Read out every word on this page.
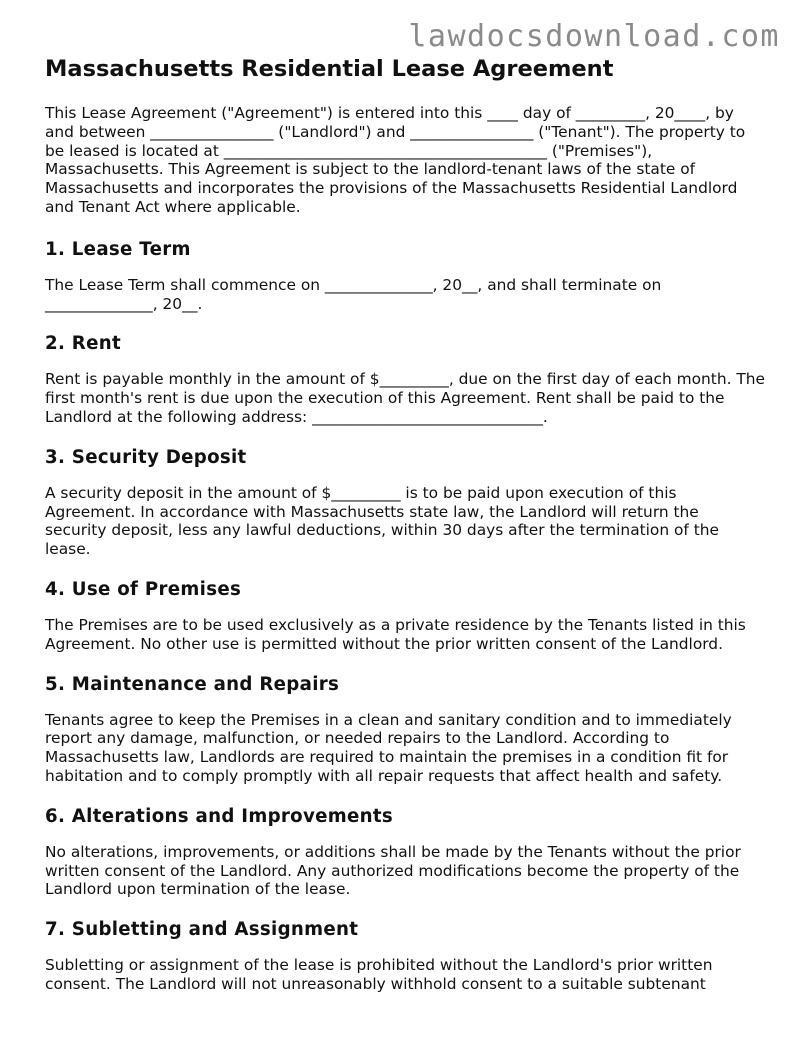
lawdocsdownload.com
Massachusetts Residential Lease Agreement

This Lease Agreement ("Agreement") is entered into this ____ day of _________, 20____, by and between ________________ ("Landlord") and ________________ ("Tenant"). The property to be leased is located at __________________________________________ ("Premises"), Massachusetts. This Agreement is subject to the landlord-tenant laws of the state of Massachusetts and incorporates the provisions of the Massachusetts Residential Landlord and Tenant Act where applicable.

1. Lease Term

The Lease Term shall commence on ______________, 20__, and shall terminate on ______________, 20__.

2. Rent

Rent is payable monthly in the amount of $_________, due on the first day of each month. The first month's rent is due upon the execution of this Agreement. Rent shall be paid to the Landlord at the following address: ______________________________.

3. Security Deposit

A security deposit in the amount of $_________ is to be paid upon execution of this Agreement. In accordance with Massachusetts state law, the Landlord will return the security deposit, less any lawful deductions, within 30 days after the termination of the lease.

4. Use of Premises

The Premises are to be used exclusively as a private residence by the Tenants listed in this Agreement. No other use is permitted without the prior written consent of the Landlord.

5. Maintenance and Repairs

Tenants agree to keep the Premises in a clean and sanitary condition and to immediately report any damage, malfunction, or needed repairs to the Landlord. According to Massachusetts law, Landlords are required to maintain the premises in a condition fit for habitation and to comply promptly with all repair requests that affect health and safety.

6. Alterations and Improvements

No alterations, improvements, or additions shall be made by the Tenants without the prior written consent of the Landlord. Any authorized modifications become the property of the Landlord upon termination of the lease.

7. Subletting and Assignment

Subletting or assignment of the lease is prohibited without the Landlord's prior written consent. The Landlord will not unreasonably withhold consent to a suitable subtenant
